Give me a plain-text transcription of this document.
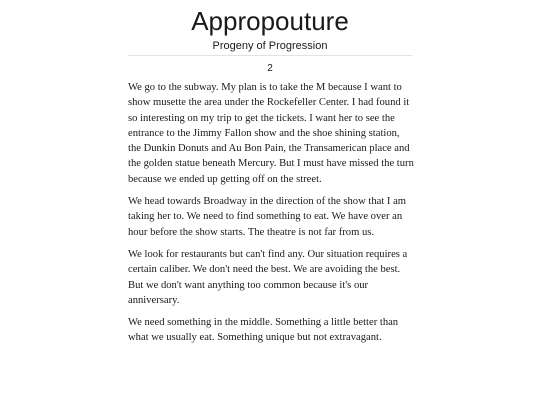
Appropouture
Progeny of Progression
2

We go to the subway. My plan is to take the M because I want to show musette the area under the Rockefeller Center. I had found it so interesting on my trip to get the tickets. I want her to see the entrance to the Jimmy Fallon show and the shoe shining station, the Dunkin Donuts and Au Bon Pain, the Transamerican place and the golden statue beneath Mercury. But I must have missed the turn because we ended up getting off on the street.

We head towards Broadway in the direction of the show that I am taking her to. We need to find something to eat. We have over an hour before the show starts. The theatre is not far from us.

We look for restaurants but can't find any. Our situation requires a certain caliber. We don't need the best. We are avoiding the best. But we don't want anything too common because it's our anniversary.

We need something in the middle. Something a little better than what we usually eat. Something unique but not extravagant.
